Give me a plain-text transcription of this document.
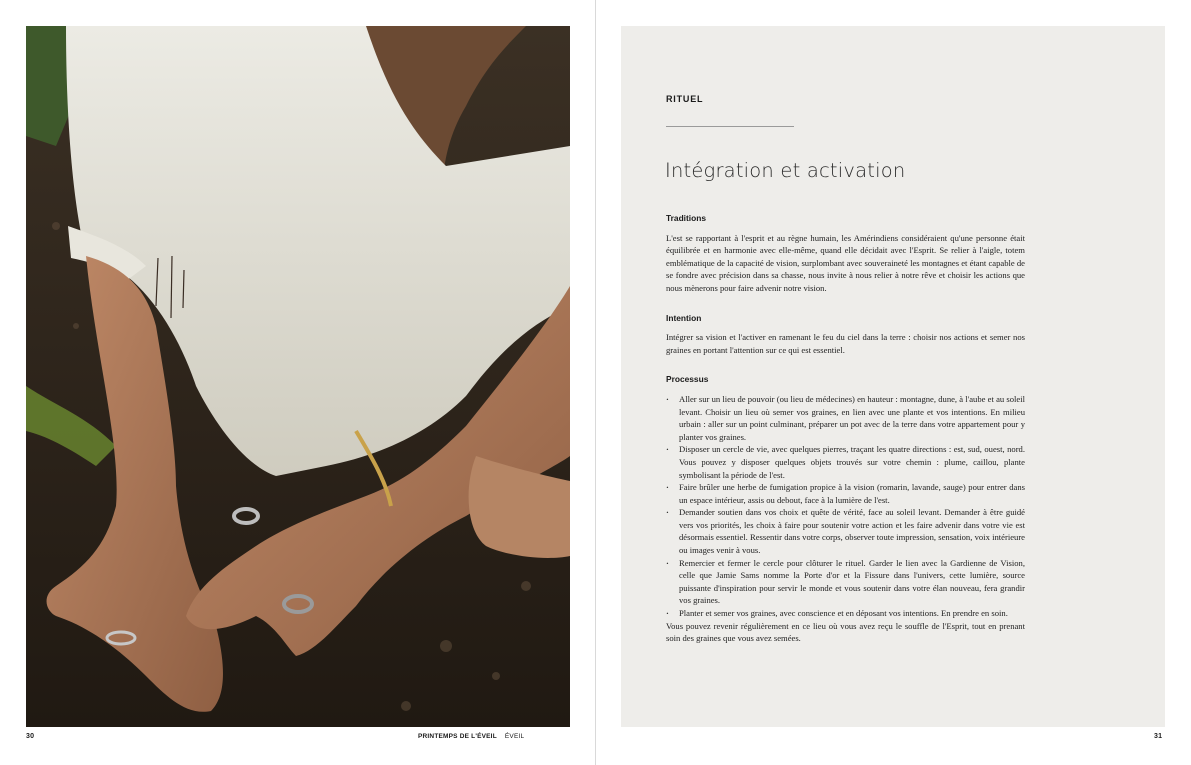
30	PRINTEMPS DE L'ÉVEIL ÉVEIL
RITUEL
Intégration et activation
Traditions

L'est se rapportant à l'esprit et au règne humain, les Amérindiens considéraient qu'une personne était équilibrée et en harmonie avec elle-même, quand elle décidait avec l'Esprit. Se relier à l'aigle, totem emblématique de la capacité de vision, surplombant avec souveraineté les montagnes et étant capable de se fondre avec précision dans sa chasse, nous invite à nous relier à notre rêve et choisir les actions que nous mènerons pour faire advenir notre vision.

Intention

Intégrer sa vision et l'activer en ramenant le feu du ciel dans la terre : choisir nos actions et semer nos graines en portant l'attention sur ce qui est essentiel.

Processus
· Aller sur un lieu de pouvoir (ou lieu de médecines) en hauteur : montagne, dune, à l'aube et au soleil levant. Choisir un lieu où semer vos graines, en lien avec une plante et vos intentions. En milieu urbain : aller sur un point culminant, préparer un pot avec de la terre dans votre appartement pour y planter vos graines.
· Disposer un cercle de vie, avec quelques pierres, traçant les quatre directions : est, sud, ouest, nord. Vous pouvez y disposer quelques objets trouvés sur votre chemin : plume, caillou, plante symbolisant la période de l'est.
· Faire brûler une herbe de fumigation propice à la vision (romarin, lavande, sauge) pour entrer dans un espace intérieur, assis ou debout, face à la lumière de l'est.
· Demander soutien dans vos choix et quête de vérité, face au soleil levant. Demander à être guidé vers vos priorités, les choix à faire pour soutenir votre action et les faire advenir dans votre vie est désormais essentiel. Ressentir dans votre corps, observer toute impression, sensation, voix intérieure ou images venir à vous.
· Remercier et fermer le cercle pour clôturer le rituel. Garder le lien avec la Gardienne de Vision, celle que Jamie Sams nomme la Porte d'or et la Fissure dans l'univers, cette lumière, source puissante d'inspiration pour servir le monde et vous soutenir dans votre élan nouveau, fera grandir vos graines.
· Planter et semer vos graines, avec conscience et en déposant vos intentions. En prendre en soin.

Vous pouvez revenir régulièrement en ce lieu où vous avez reçu le souffle de l'Esprit, tout en prenant soin des graines que vous avez semées.

31
